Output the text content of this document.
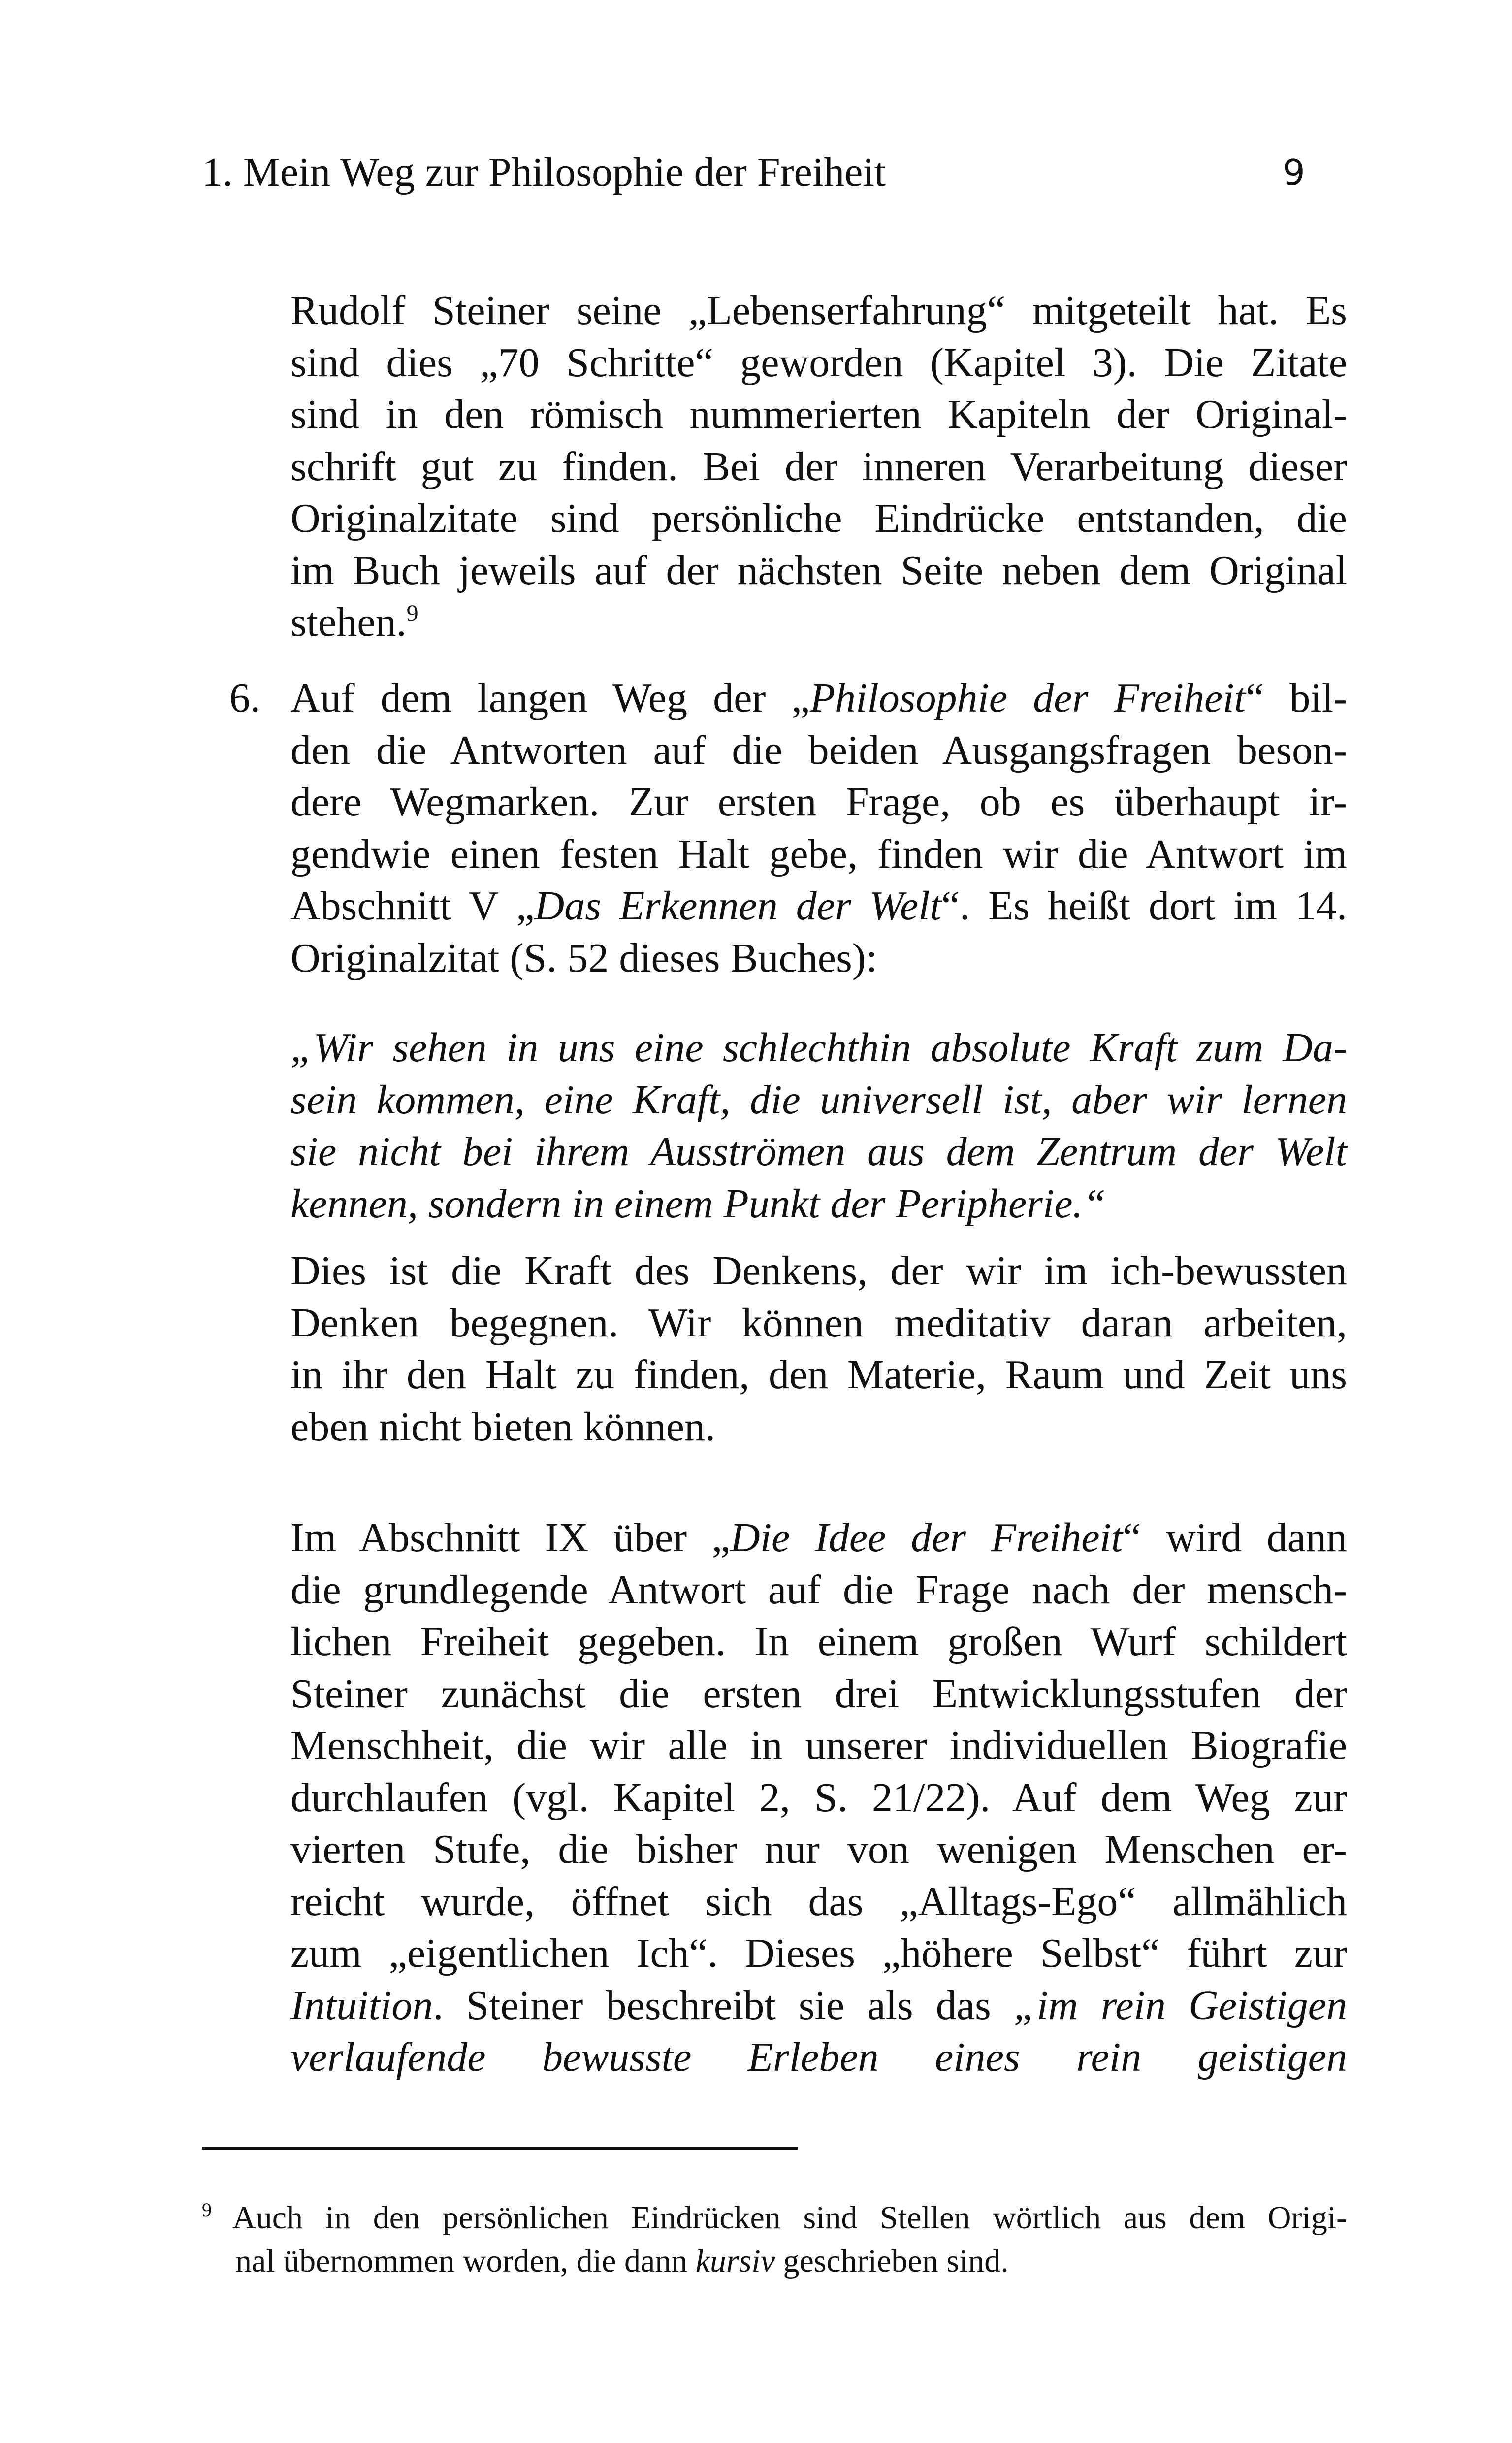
1. Mein Weg zur Philosophie der Freiheit	9
Rudolf Steiner seine „Lebenserfahrung“ mitgeteilt hat. Es
sind dies „70 Schritte“ geworden (Kapitel 3). Die Zitate
sind in den römisch nummerierten Kapiteln der Original-
schrift gut zu finden. Bei der inneren Verarbeitung dieser
Originalzitate sind persönliche Eindrücke entstanden, die
im Buch jeweils auf der nächsten Seite neben dem Original
stehen.$^9$
6. Auf dem langen Weg der „Philosophie der Freiheit“ bil-
den die Antworten auf die beiden Ausgangsfragen beson-
dere Wegmarken. Zur ersten Frage, ob es überhaupt ir-
gendwie einen festen Halt gebe, finden wir die Antwort im
Abschnitt V „Das Erkennen der Welt“. Es heißt dort im 14.
Originalzitat (S. 52 dieses Buches):
„Wir sehen in uns eine schlechthin absolute Kraft zum Da-
sein kommen, eine Kraft, die universell ist, aber wir lernen
sie nicht bei ihrem Ausströmen aus dem Zentrum der Welt
kennen, sondern in einem Punkt der Peripherie.“
Dies ist die Kraft des Denkens, der wir im ich-bewussten
Denken begegnen. Wir können meditativ daran arbeiten,
in ihr den Halt zu finden, den Materie, Raum und Zeit uns
eben nicht bieten können.
Im Abschnitt IX über „Die Idee der Freiheit“ wird dann
die grundlegende Antwort auf die Frage nach der mensch-
lichen Freiheit gegeben. In einem großen Wurf schildert
Steiner zunächst die ersten drei Entwicklungsstufen der
Menschheit, die wir alle in unserer individuellen Biografie
durchlaufen (vgl. Kapitel 2, S. 21/22). Auf dem Weg zur
vierten Stufe, die bisher nur von wenigen Menschen er-
reicht wurde, öffnet sich das „Alltags-Ego“ allmählich
zum „eigentlichen Ich“. Dieses „höhere Selbst“ führt zur
Intuition. Steiner beschreibt sie als das „im rein Geistigen
verlaufende bewusste Erleben eines rein geistigen
$^9$ Auch in den persönlichen Eindrücken sind Stellen wörtlich aus dem Origi-
nal übernommen worden, die dann kursiv geschrieben sind.
